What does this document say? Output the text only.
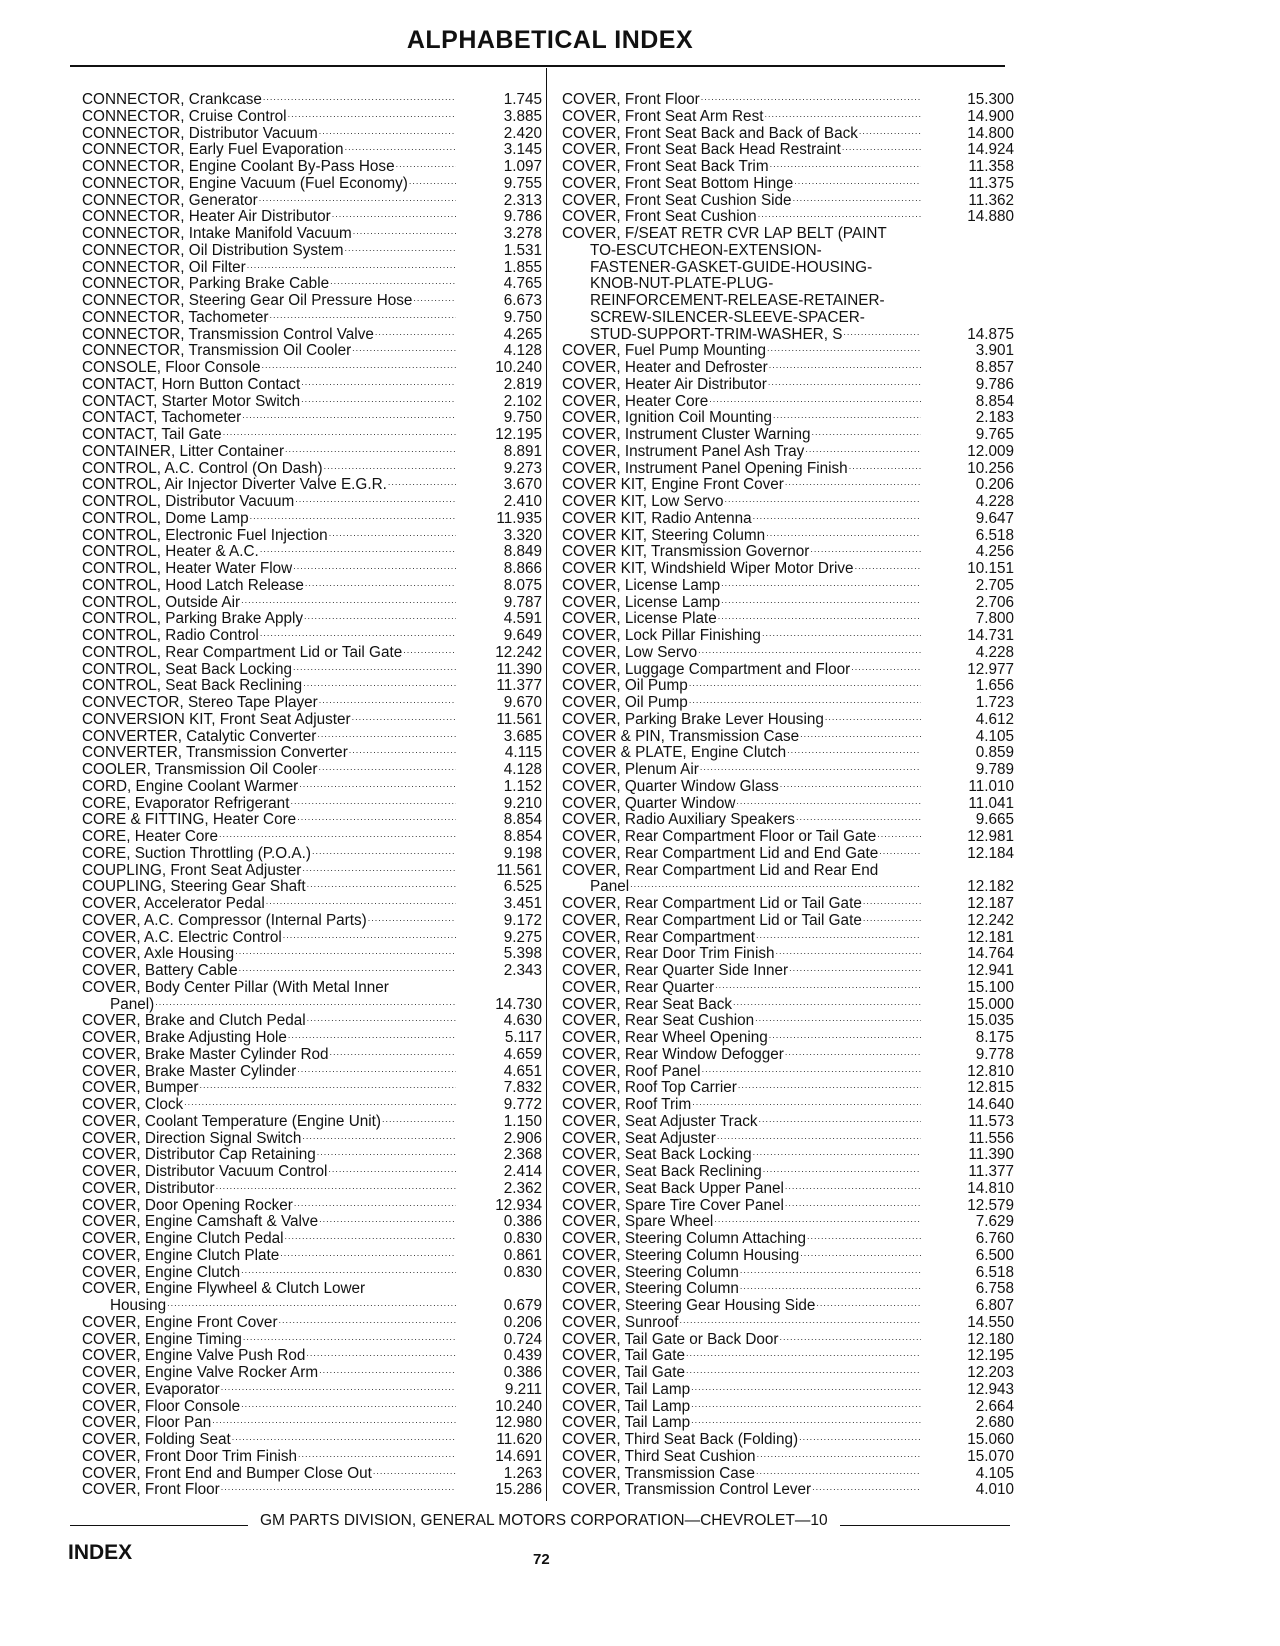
ALPHABETICAL INDEX
CONNECTOR, Crankcase .....	1.745
CONNECTOR, Cruise Control .....	3.885
CONNECTOR, Distributor Vacuum .....	2.420
CONNECTOR, Early Fuel Evaporation .....	3.145
CONNECTOR, Engine Coolant By-Pass Hose .....	1.097
CONNECTOR, Engine Vacuum (Fuel Economy) .....	9.755
CONNECTOR, Generator .....	2.313
CONNECTOR, Heater Air Distributor .....	9.786
CONNECTOR, Intake Manifold Vacuum .....	3.278
CONNECTOR, Oil Distribution System .....	1.531
CONNECTOR, Oil Filter .....	1.855
CONNECTOR, Parking Brake Cable .....	4.765
CONNECTOR, Steering Gear Oil Pressure Hose .....	6.673
CONNECTOR, Tachometer .....	9.750
CONNECTOR, Transmission Control Valve .....	4.265
CONNECTOR, Transmission Oil Cooler .....	4.128
CONSOLE, Floor Console .....	10.240
CONTACT, Horn Button Contact .....	2.819
CONTACT, Starter Motor Switch .....	2.102
CONTACT, Tachometer .....	9.750
CONTACT, Tail Gate .....	12.195
CONTAINER, Litter Container .....	8.891
CONTROL, A.C. Control (On Dash) .....	9.273
CONTROL, Air Injector Diverter Valve E.G.R. .....	3.670
CONTROL, Distributor Vacuum .....	2.410
CONTROL, Dome Lamp .....	11.935
CONTROL, Electronic Fuel Injection .....	3.320
CONTROL, Heater & A.C. .....	8.849
CONTROL, Heater Water Flow .....	8.866
CONTROL, Hood Latch Release .....	8.075
CONTROL, Outside Air .....	9.787
CONTROL, Parking Brake Apply .....	4.591
CONTROL, Radio Control .....	9.649
CONTROL, Rear Compartment Lid or Tail Gate .....	12.242
CONTROL, Seat Back Locking .....	11.390
CONTROL, Seat Back Reclining .....	11.377
CONVECTOR, Stereo Tape Player .....	9.670
CONVERSION KIT, Front Seat Adjuster .....	11.561
CONVERTER, Catalytic Converter .....	3.685
CONVERTER, Transmission Converter .....	4.115
COOLER, Transmission Oil Cooler .....	4.128
CORD, Engine Coolant Warmer .....	1.152
CORE, Evaporator Refrigerant .....	9.210
CORE & FITTING, Heater Core .....	8.854
CORE, Heater Core .....	8.854
CORE, Suction Throttling (P.O.A.) .....	9.198
COUPLING, Front Seat Adjuster .....	11.561
COUPLING, Steering Gear Shaft .....	6.525
COVER, Accelerator Pedal .....	3.451
COVER, A.C. Compressor (Internal Parts) .....	9.172
COVER, A.C. Electric Control .....	9.275
COVER, Axle Housing .....	5.398
COVER, Battery Cable .....	2.343
COVER, Body Center Pillar (With Metal Inner
Panel) .....	14.730
COVER, Brake and Clutch Pedal .....	4.630
COVER, Brake Adjusting Hole .....	5.117
COVER, Brake Master Cylinder Rod .....	4.659
COVER, Brake Master Cylinder .....	4.651
COVER, Bumper .....	7.832
COVER, Clock .....	9.772
COVER, Coolant Temperature (Engine Unit) .....	1.150
COVER, Direction Signal Switch .....	2.906
COVER, Distributor Cap Retaining .....	2.368
COVER, Distributor Vacuum Control .....	2.414
COVER, Distributor .....	2.362
COVER, Door Opening Rocker .....	12.934
COVER, Engine Camshaft & Valve .....	0.386
COVER, Engine Clutch Pedal .....	0.830
COVER, Engine Clutch Plate .....	0.861
COVER, Engine Clutch .....	0.830
COVER, Engine Flywheel & Clutch Lower
Housing .....	0.679
COVER, Engine Front Cover .....	0.206
COVER, Engine Timing .....	0.724
COVER, Engine Valve Push Rod .....	0.439
COVER, Engine Valve Rocker Arm .....	0.386
COVER, Evaporator .....	9.211
COVER, Floor Console .....	10.240
COVER, Floor Pan .....	12.980
COVER, Folding Seat .....	11.620
COVER, Front Door Trim Finish .....	14.691
COVER, Front End and Bumper Close Out .....	1.263
COVER, Front Floor .....	15.286
COVER, Front Floor .....	15.300
COVER, Front Seat Arm Rest .....	14.900
COVER, Front Seat Back and Back of Back .....	14.800
COVER, Front Seat Back Head Restraint .....	14.924
COVER, Front Seat Back Trim .....	11.358
COVER, Front Seat Bottom Hinge .....	11.375
COVER, Front Seat Cushion Side .....	11.362
COVER, Front Seat Cushion .....	14.880
COVER, F/SEAT RETR CVR LAP BELT (PAINT
TO-ESCUTCHEON-EXTENSION-
FASTENER-GASKET-GUIDE-HOUSING-
KNOB-NUT-PLATE-PLUG-
REINFORCEMENT-RELEASE-RETAINER-
SCREW-SILENCER-SLEEVE-SPACER-
STUD-SUPPORT-TRIM-WASHER, S .....	14.875
COVER, Fuel Pump Mounting .....	3.901
COVER, Heater and Defroster .....	8.857
COVER, Heater Air Distributor .....	9.786
COVER, Heater Core .....	8.854
COVER, Ignition Coil Mounting .....	2.183
COVER, Instrument Cluster Warning .....	9.765
COVER, Instrument Panel Ash Tray .....	12.009
COVER, Instrument Panel Opening Finish .....	10.256
COVER KIT, Engine Front Cover .....	0.206
COVER KIT, Low Servo .....	4.228
COVER KIT, Radio Antenna .....	9.647
COVER KIT, Steering Column .....	6.518
COVER KIT, Transmission Governor .....	4.256
COVER KIT, Windshield Wiper Motor Drive .....	10.151
COVER, License Lamp .....	2.705
COVER, License Lamp .....	2.706
COVER, License Plate .....	7.800
COVER, Lock Pillar Finishing .....	14.731
COVER, Low Servo .....	4.228
COVER, Luggage Compartment and Floor .....	12.977
COVER, Oil Pump .....	1.656
COVER, Oil Pump .....	1.723
COVER, Parking Brake Lever Housing .....	4.612
COVER & PIN, Transmission Case .....	4.105
COVER & PLATE, Engine Clutch .....	0.859
COVER, Plenum Air .....	9.789
COVER, Quarter Window Glass .....	11.010
COVER, Quarter Window .....	11.041
COVER, Radio Auxiliary Speakers .....	9.665
COVER, Rear Compartment Floor or Tail Gate .....	12.981
COVER, Rear Compartment Lid and End Gate .....	12.184
COVER, Rear Compartment Lid and Rear End
Panel .....	12.182
COVER, Rear Compartment Lid or Tail Gate .....	12.187
COVER, Rear Compartment Lid or Tail Gate .....	12.242
COVER, Rear Compartment .....	12.181
COVER, Rear Door Trim Finish .....	14.764
COVER, Rear Quarter Side Inner .....	12.941
COVER, Rear Quarter .....	15.100
COVER, Rear Seat Back .....	15.000
COVER, Rear Seat Cushion .....	15.035
COVER, Rear Wheel Opening .....	8.175
COVER, Rear Window Defogger .....	9.778
COVER, Roof Panel .....	12.810
COVER, Roof Top Carrier .....	12.815
COVER, Roof Trim .....	14.640
COVER, Seat Adjuster Track .....	11.573
COVER, Seat Adjuster .....	11.556
COVER, Seat Back Locking .....	11.390
COVER, Seat Back Reclining .....	11.377
COVER, Seat Back Upper Panel .....	14.810
COVER, Spare Tire Cover Panel .....	12.579
COVER, Spare Wheel .....	7.629
COVER, Steering Column Attaching .....	6.760
COVER, Steering Column Housing .....	6.500
COVER, Steering Column .....	6.518
COVER, Steering Column .....	6.758
COVER, Steering Gear Housing Side .....	6.807
COVER, Sunroof .....	14.550
COVER, Tail Gate or Back Door .....	12.180
COVER, Tail Gate .....	12.195
COVER, Tail Gate .....	12.203
COVER, Tail Lamp .....	12.943
COVER, Tail Lamp .....	2.664
COVER, Tail Lamp .....	2.680
COVER, Third Seat Back (Folding) .....	15.060
COVER, Third Seat Cushion .....	15.070
COVER, Transmission Case .....	4.105
COVER, Transmission Control Lever .....	4.010
GM PARTS DIVISION, GENERAL MOTORS CORPORATION—CHEVROLET—10
INDEX	72
